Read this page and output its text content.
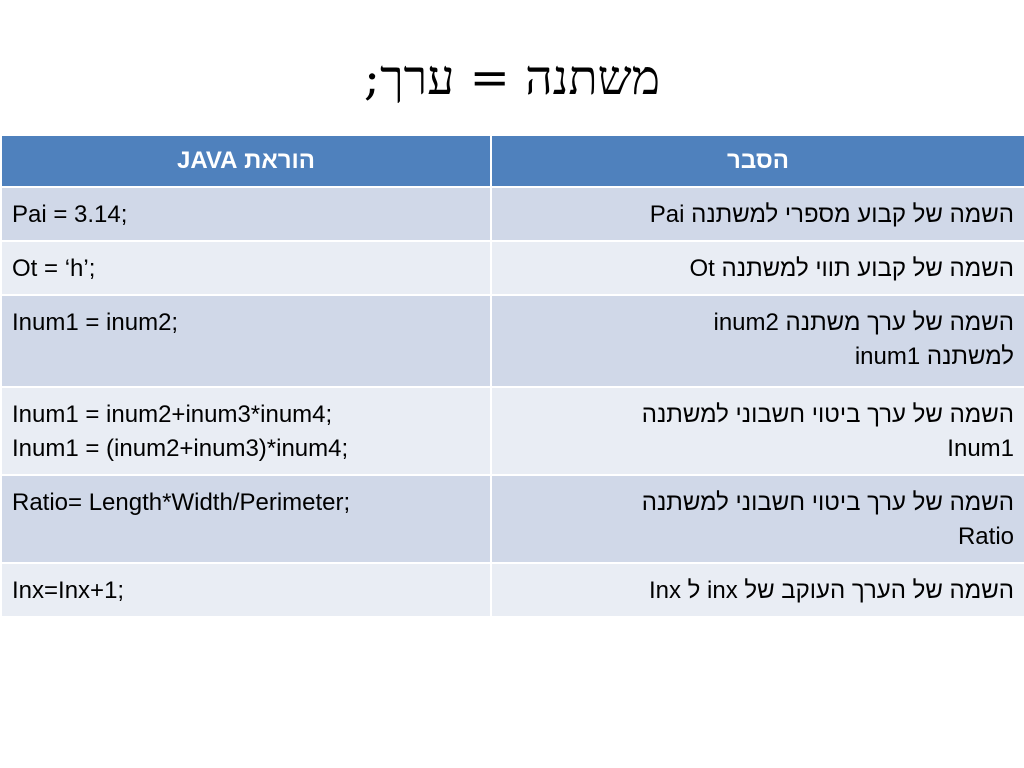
משתנה = ערך;
הוראת JAVA	הסבר

Pai = 3.14;	השמה של קבוע מספרי למשתנה Pai

Ot = ‘h’;	השמה של קבוע תווי למשתנה Ot

Inum1 = inum2;	השמה של ערך משתנה inum2
למשתנה inum1

Inum1 = inum2+inum3*inum4;
Inum1 = (inum2+inum3)*inum4;	השמה של ערך ביטוי חשבוני למשתנה
Inum1

Ratio= Length*Width/Perimeter;	השמה של ערך ביטוי חשבוני למשתנה
Ratio

Inx=Inx+1;	השמה של הערך העוקב של inx ל Inx
